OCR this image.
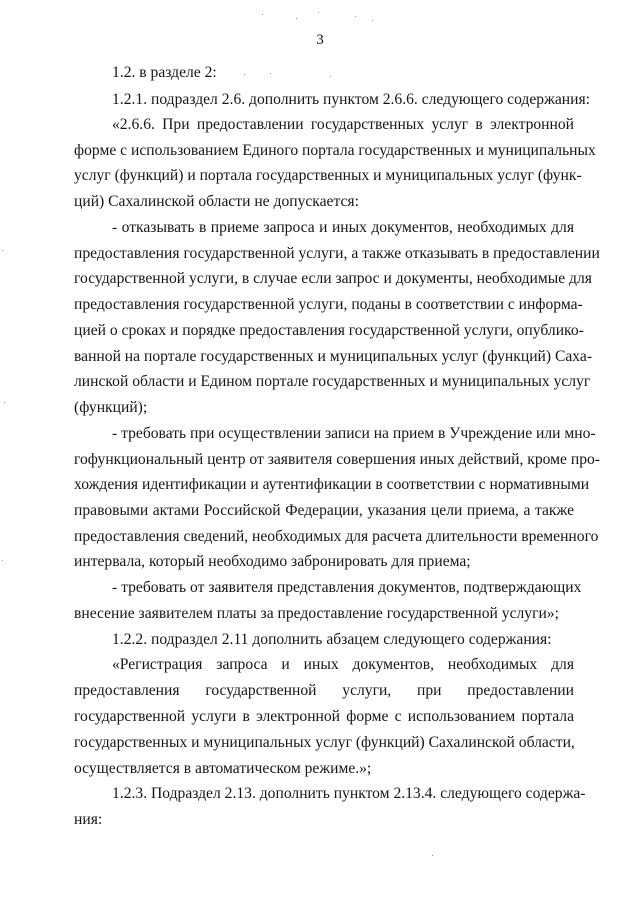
3
1.2. в разделе 2:
1.2.1. подраздел 2.6. дополнить пунктом 2.6.6. следующего содержания:
«2.6.6. При предоставлении государственных услуг в электронной
форме с использованием Единого портала государственных и муниципальных
услуг (функций) и портала государственных и муниципальных услуг (функ-
ций) Сахалинской области не допускается:
- отказывать в приеме запроса и иных документов, необходимых для
предоставления государственной услуги, а также отказывать в предоставлении
государственной услуги, в случае если запрос и документы, необходимые для
предоставления государственной услуги, поданы в соответствии с информа-
цией о сроках и порядке предоставления государственной услуги, опублико-
ванной на портале государственных и муниципальных услуг (функций) Саха-
линской области и Едином портале государственных и муниципальных услуг
(функций);
- требовать при осуществлении записи на прием в Учреждение или мно-
гофункциональный центр от заявителя совершения иных действий, кроме про-
хождения идентификации и аутентификации в соответствии с нормативными
правовыми актами Российской Федерации, указания цели приема, а также
предоставления сведений, необходимых для расчета длительности временного
интервала, который необходимо забронировать для приема;
- требовать от заявителя представления документов, подтверждающих
внесение заявителем платы за предоставление государственной услуги»;
1.2.2. подраздел 2.11 дополнить абзацем следующего содержания:
«Регистрация запроса и иных документов, необходимых для
предоставления государственной услуги, при предоставлении
государственной услуги в электронной форме с использованием портала
государственных и муниципальных услуг (функций) Сахалинской области,
осуществляется в автоматическом режиме.»;
1.2.3. Подраздел 2.13. дополнить пунктом 2.13.4. следующего содержа-
ния:
